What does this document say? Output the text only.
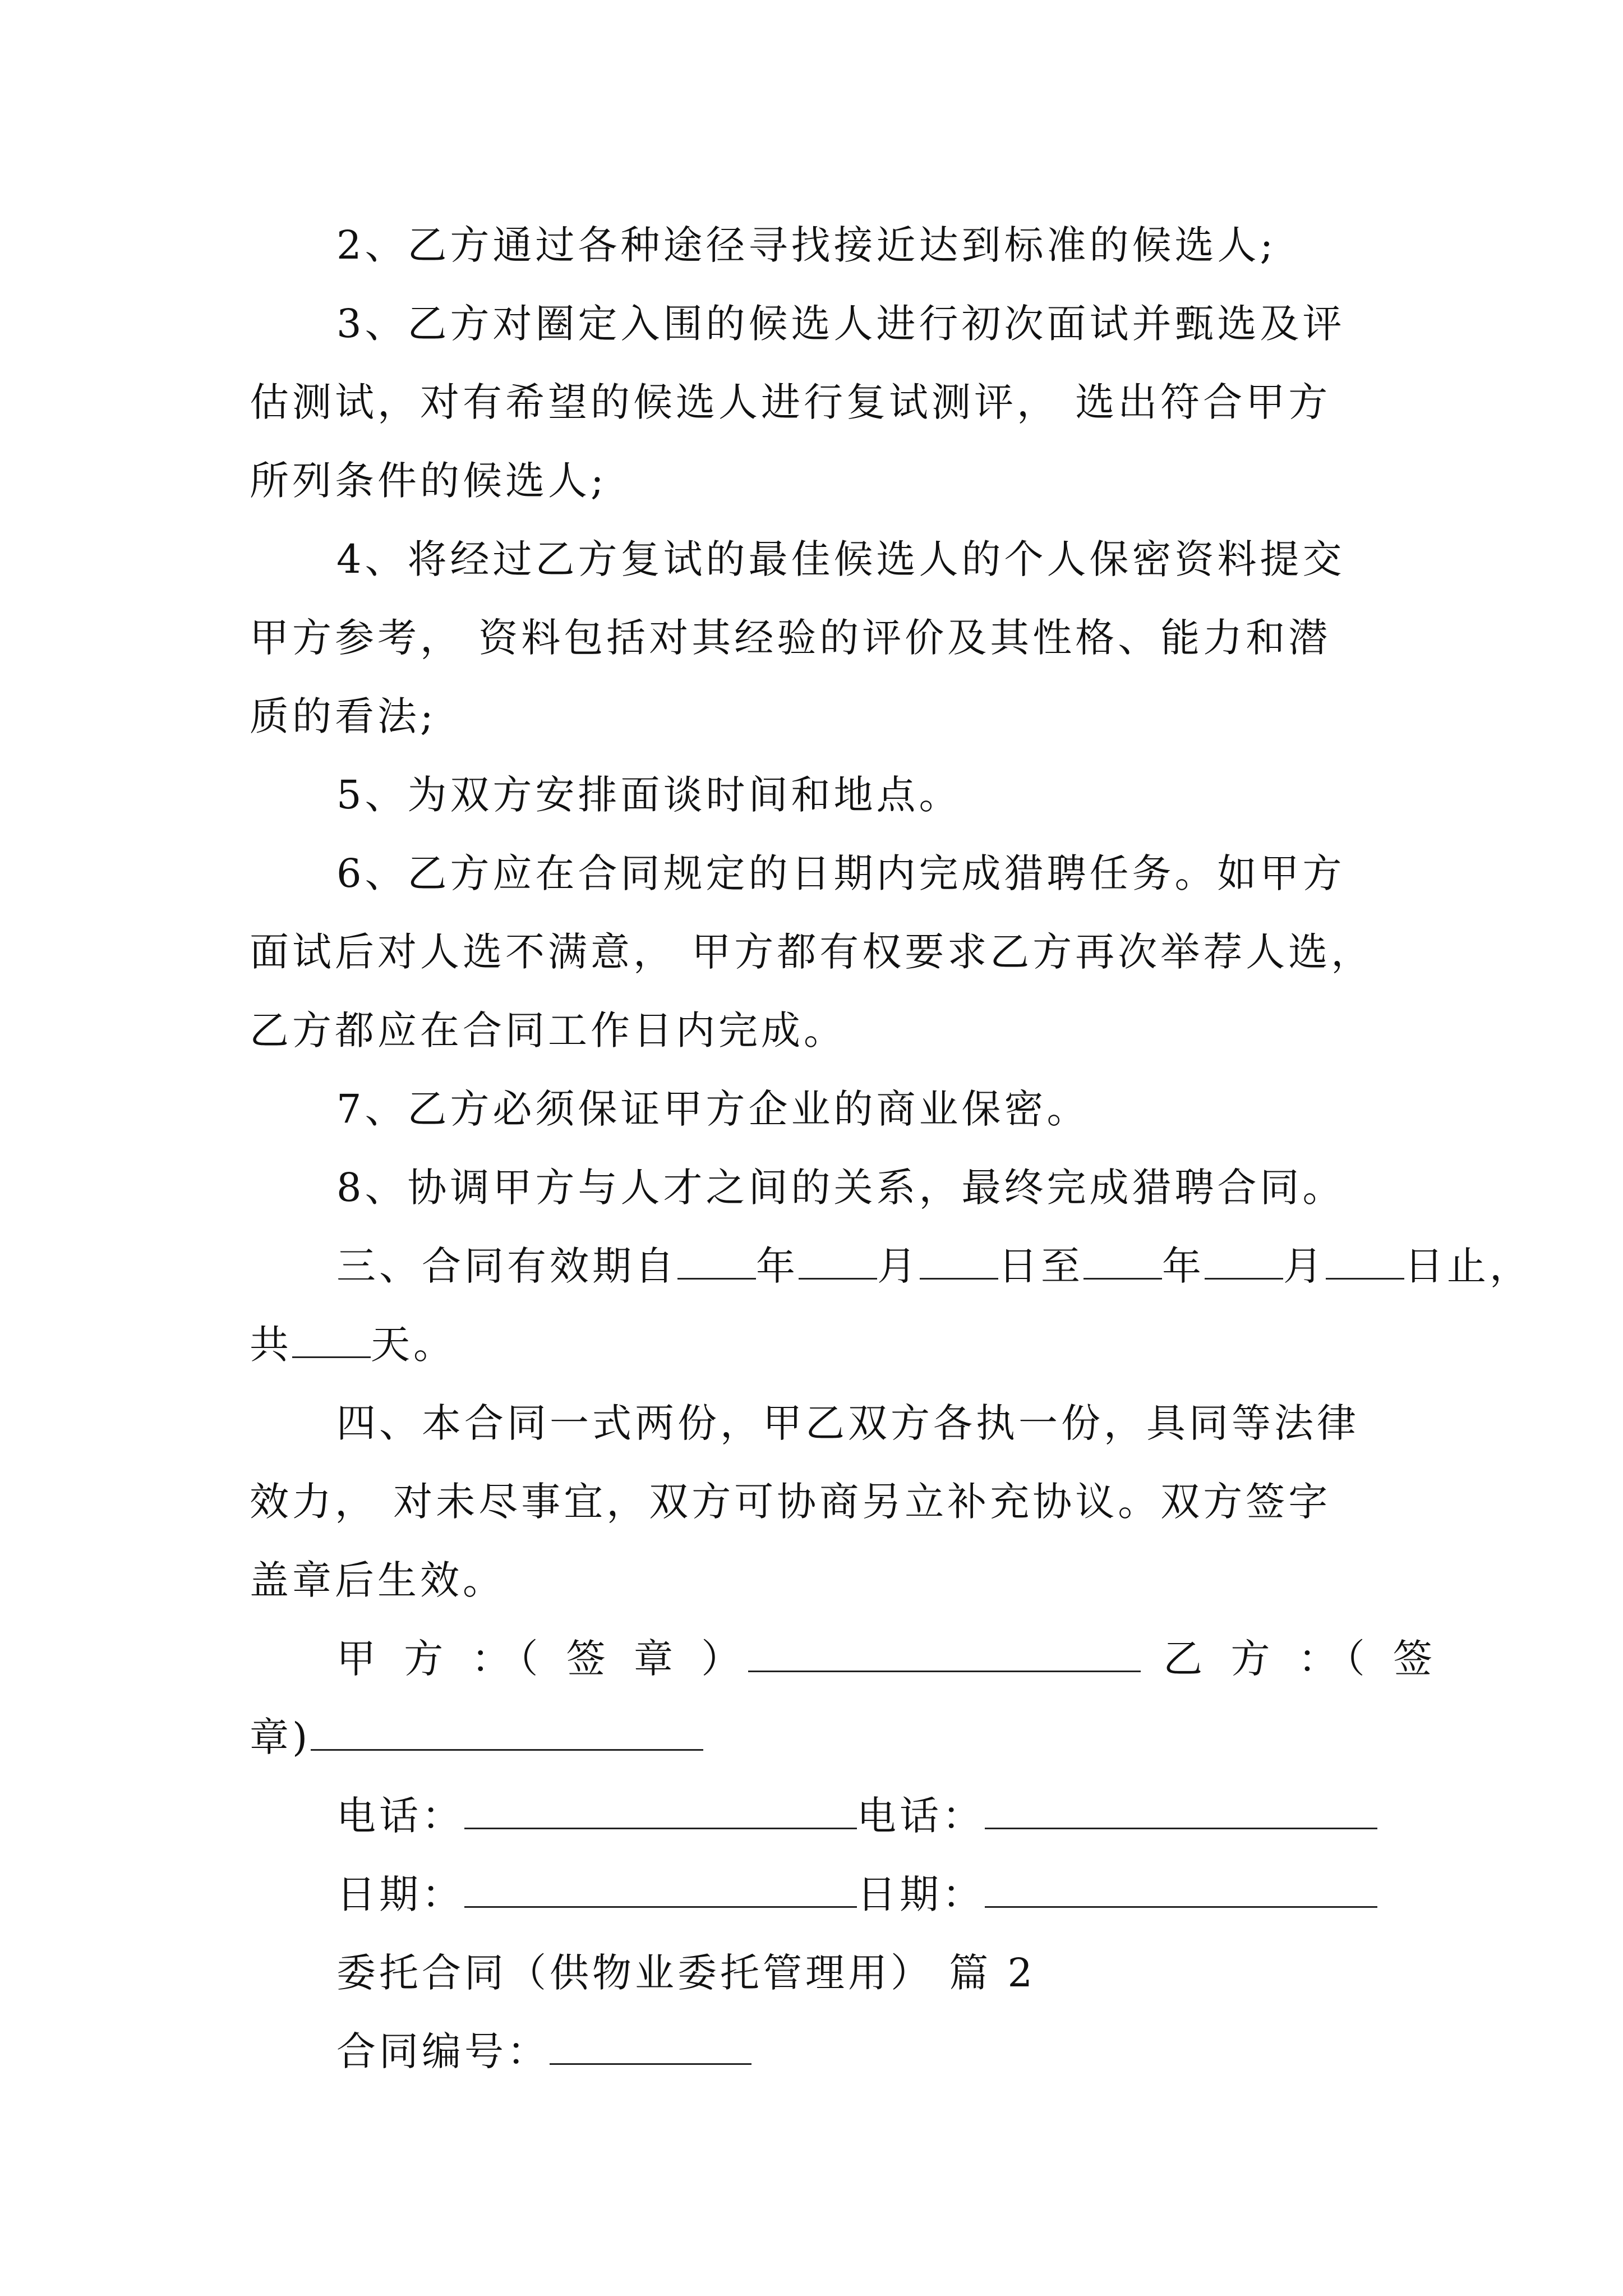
2、乙方通过各种途径寻找接近达到标准的候选人;
3、乙方对圈定入围的候选人进行初次面试并甄选及评
估测试，对有希望的候选人进行复试测评， 选出符合甲方
所列条件的候选人;
4、将经过乙方复试的最佳候选人的个人保密资料提交
甲方参考， 资料包括对其经验的评价及其性格、能力和潜
质的看法;
5、为双方安排面谈时间和地点。
6、乙方应在合同规定的日期内完成猎聘任务。如甲方
面试后对人选不满意， 甲方都有权要求乙方再次举荐人选，
乙方都应在合同工作日内完成。
7、乙方必须保证甲方企业的商业保密。
8、协调甲方与人才之间的关系，最终完成猎聘合同。
三、合同有效期自 年 月 日至 年 月 日止，
共 天。
四、本合同一式两份，甲乙双方各执一份，具同等法律
效力， 对未尽事宜，双方可协商另立补充协议。双方签字
盖章后生效。
甲 方 ：（ 签 章 ）	乙 方 ：（ 签
章)
电话：	电话：
日期：	日期：
委托合同（供物业委托管理用） 篇 2
合同编号：
